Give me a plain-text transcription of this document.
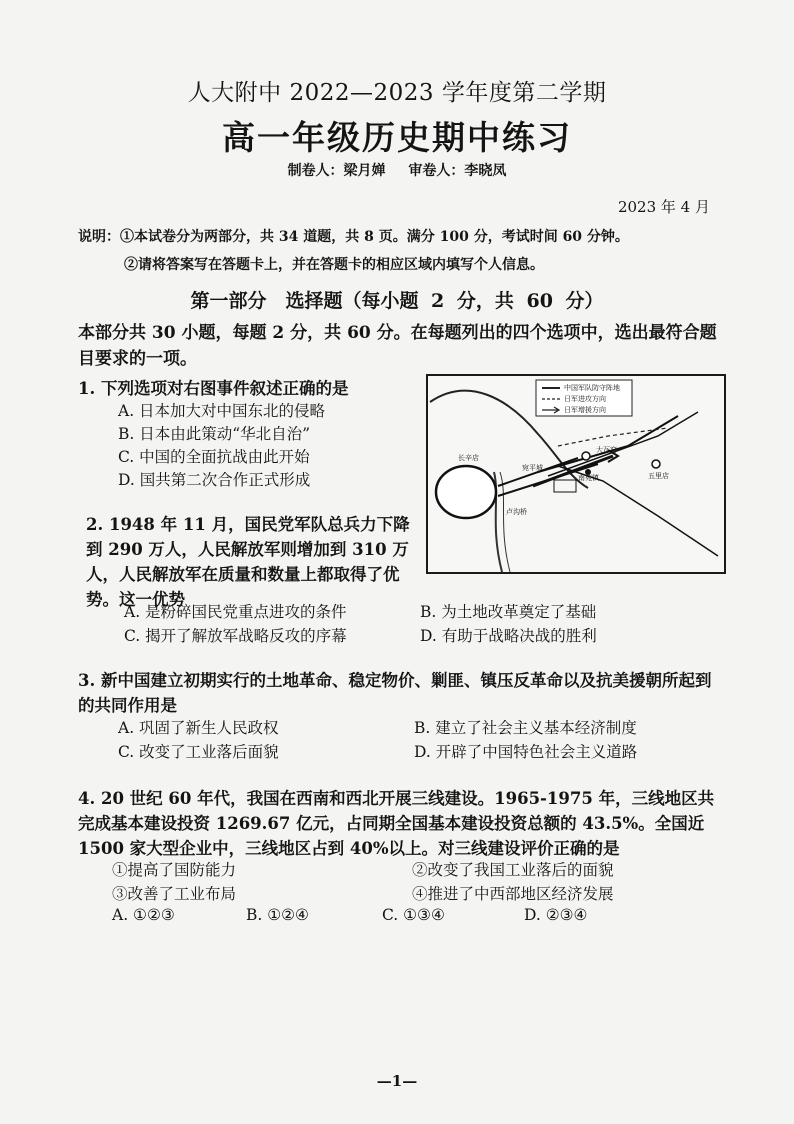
人大附中 2022—2023 学年度第二学期
高一年级历史期中练习
制卷人：梁月婵 审卷人：李晓凤
2023 年 4 月
说明：①本试卷分为两部分，共 34 道题，共 8 页。满分 100 分，考试时间 60 分钟。
②请将答案写在答题卡上，并在答题卡的相应区域内填写个人信息。
第一部分　选择题（每小题 2 分，共 60 分）
本部分共 30 小题，每题 2 分，共 60 分。在每题列出的四个选项中，选出最符合题目要求的一项。
1. 下列选项对右图事件叙述正确的是
A. 日本加大对中国东北的侵略
B. 日本由此策动“华北自治”
C. 中国的全面抗战由此开始
D. 国共第二次合作正式形成
中国军队防守阵地
日军进攻方向
日军增援方向
大瓦窑
南苑镇	五里店
宛平城
卢沟桥
长辛店
2. 1948 年 11 月，国民党军队总兵力下降到 290 万人，人民解放军则增加到 310 万人，人民解放军在质量和数量上都取得了优势。这一优势
A. 是粉碎国民党重点进攻的条件	B. 为土地改革奠定了基础
C. 揭开了解放军战略反攻的序幕	D. 有助于战略决战的胜利
3. 新中国建立初期实行的土地革命、稳定物价、剿匪、镇压反革命以及抗美援朝所起到的共同作用是
A. 巩固了新生人民政权	B. 建立了社会主义基本经济制度
C. 改变了工业落后面貌	D. 开辟了中国特色社会主义道路
4. 20 世纪 60 年代，我国在西南和西北开展三线建设。1965-1975 年，三线地区共完成基本建设投资 1269.67 亿元，占同期全国基本建设投资总额的 43.5%。全国近 1500 家大型企业中，三线地区占到 40%以上。对三线建设评价正确的是
①提高了国防能力	②改变了我国工业落后的面貌
③改善了工业布局	④推进了中西部地区经济发展
A. ①②③	B. ①②④	C. ①③④	D. ②③④
—1—
